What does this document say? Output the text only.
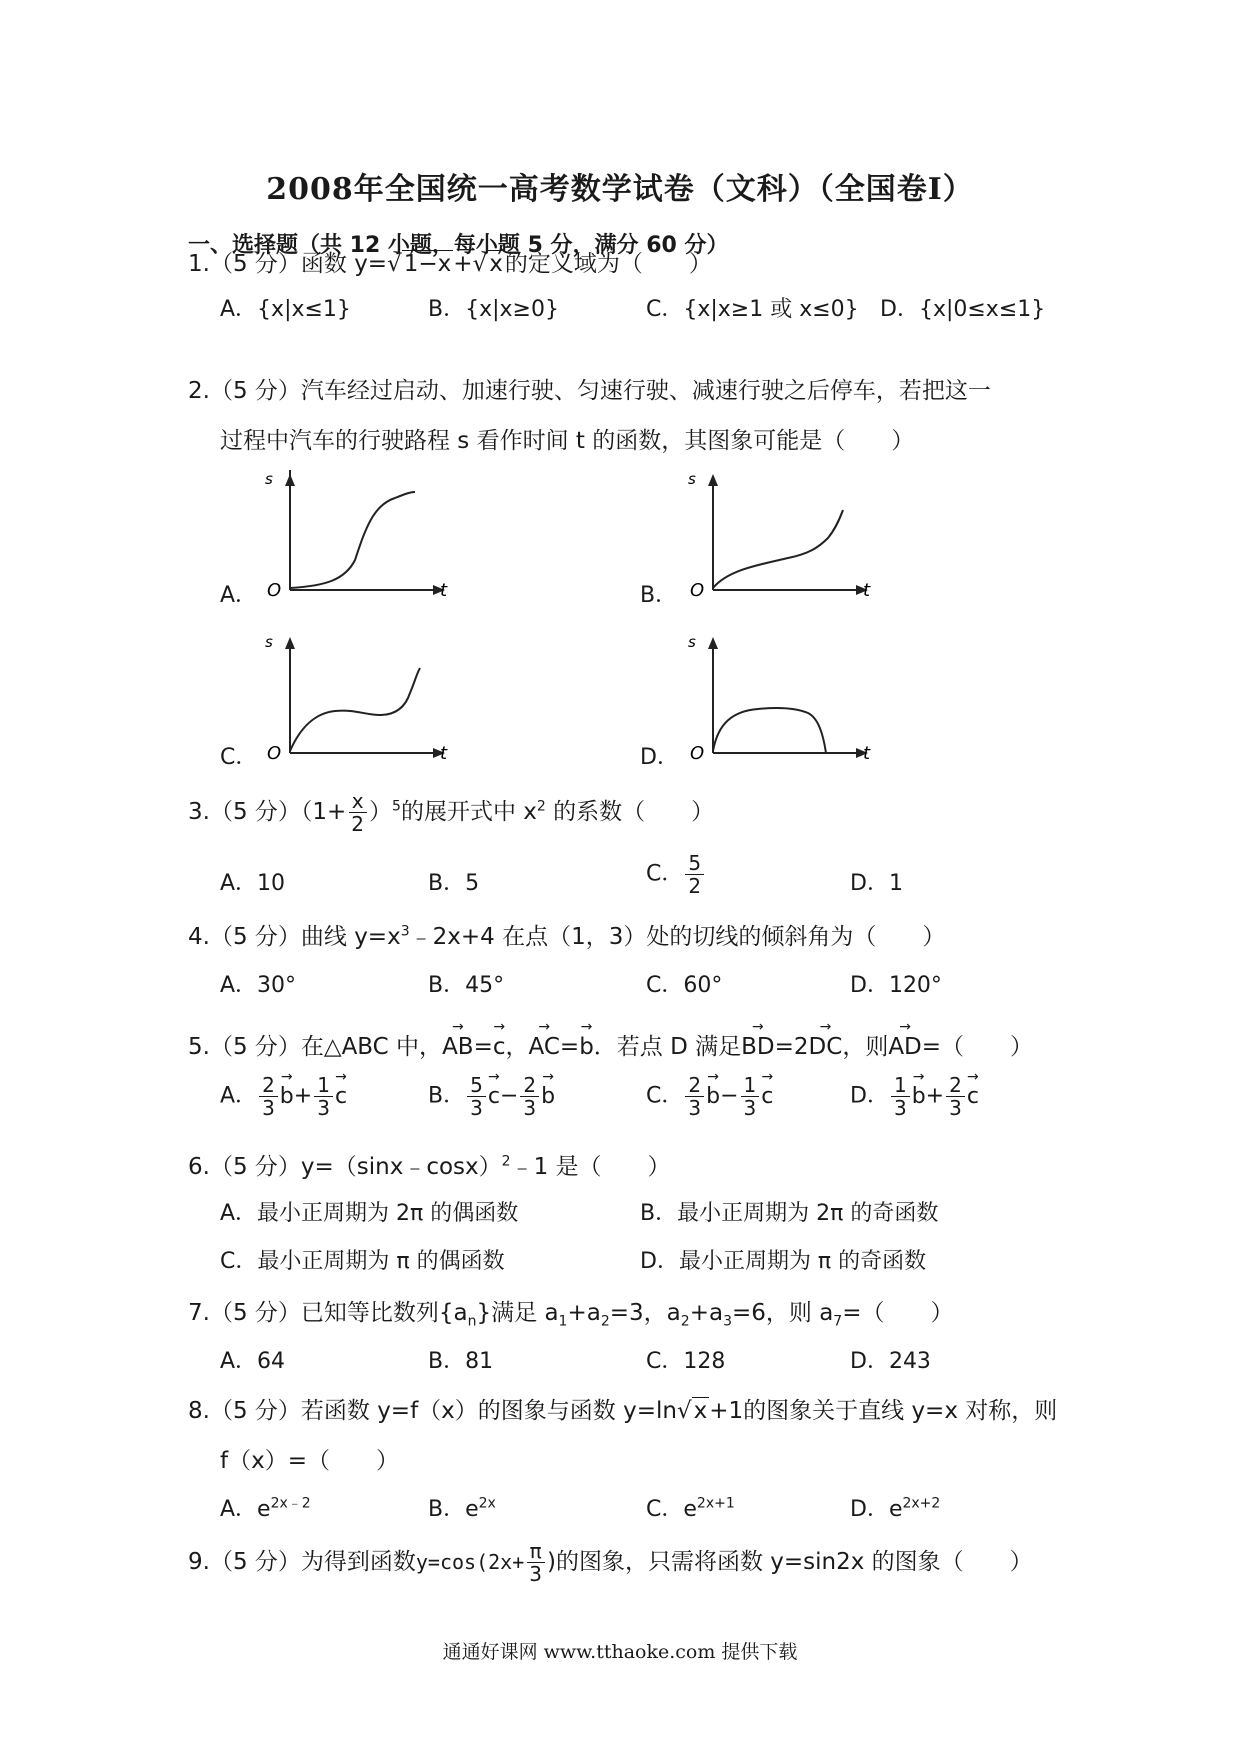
2008年全国统一高考数学试卷（文科）（全国卷Ⅰ）
一、选择题（共 12 小题，每小题 5 分，满分 60 分）
1.（5 分）函数 y=√1−x+√x的定义域为（　　）
A．{x|x≤1}	B．{x|x≥0}	C．{x|x≥1 或 x≤0} D．{x|0≤x≤1}
2.（5 分）汽车经过启动、加速行驶、匀速行驶、减速行驶之后停车，若把这一
过程中汽车的行驶路程 s 看作时间 t 的函数，其图象可能是（　　）
A．
s
O	t	B．
s
O	t
C．
s
O	t	D．
s
O	t
3.（5 分）$(1+ \frac{x}{2} )^5$的展开式中 $x^2$ 的系数（　　）
A．10	B．5	C． $\frac{5}{2}$	D．1
4.（5 分）曲线 $y=x^3﹣2x+4$ 在点（1，3）处的切线的倾斜角为（　　）
A．30°	B．45°	C．60°	D．120°
5.（5 分）在△ABC 中，→ AB=→ c，→ AC=→ b．若点 D 满足→ BD=2→ DC，则→ AD=（　　）
A． $\frac{2}{3}$
→ $b+ \frac{1}{3}$
→ c	B． $\frac{5}{3}$
→ $c- \frac{2}{3}$
→ b	C． $\frac{2}{3}$
→ $b- \frac{1}{3}$
→ c	D． $\frac{1}{3}$
→ $b+ \frac{2}{3}$
→ c
6.（5 分）y=（sinx﹣cosx）$^2$﹣1 是（　　）
A．最小正周期为 2π 的偶函数	B．最小正周期为 2π 的奇函数
C．最小正周期为 π 的偶函数	D．最小正周期为 π 的奇函数
7.（5 分）已知等比数列$\{a_n\}$满足 $a_1+a_2=3$，$a_2+a_3=6$，则 $a_7=$（　　）
A．64	B．81	C．128	D．243
8.（5 分）若函数 y=f（x）的图象与函数 y=ln√x+1的图象关于直线 y=x 对称，则
f（x）=（　　）
A．$e^{2x﹣2}$	B．$e^{2x}$	C．$e^{2x+1}$	D．$e^{2x+2}$
9.（5 分）为得到函数$y=\cos(2x+ \frac{\pi}{3}$ )的图象，只需将函数 y=sin2x 的图象（　　）
通通好课网 www.tthaoke.com 提供下载
